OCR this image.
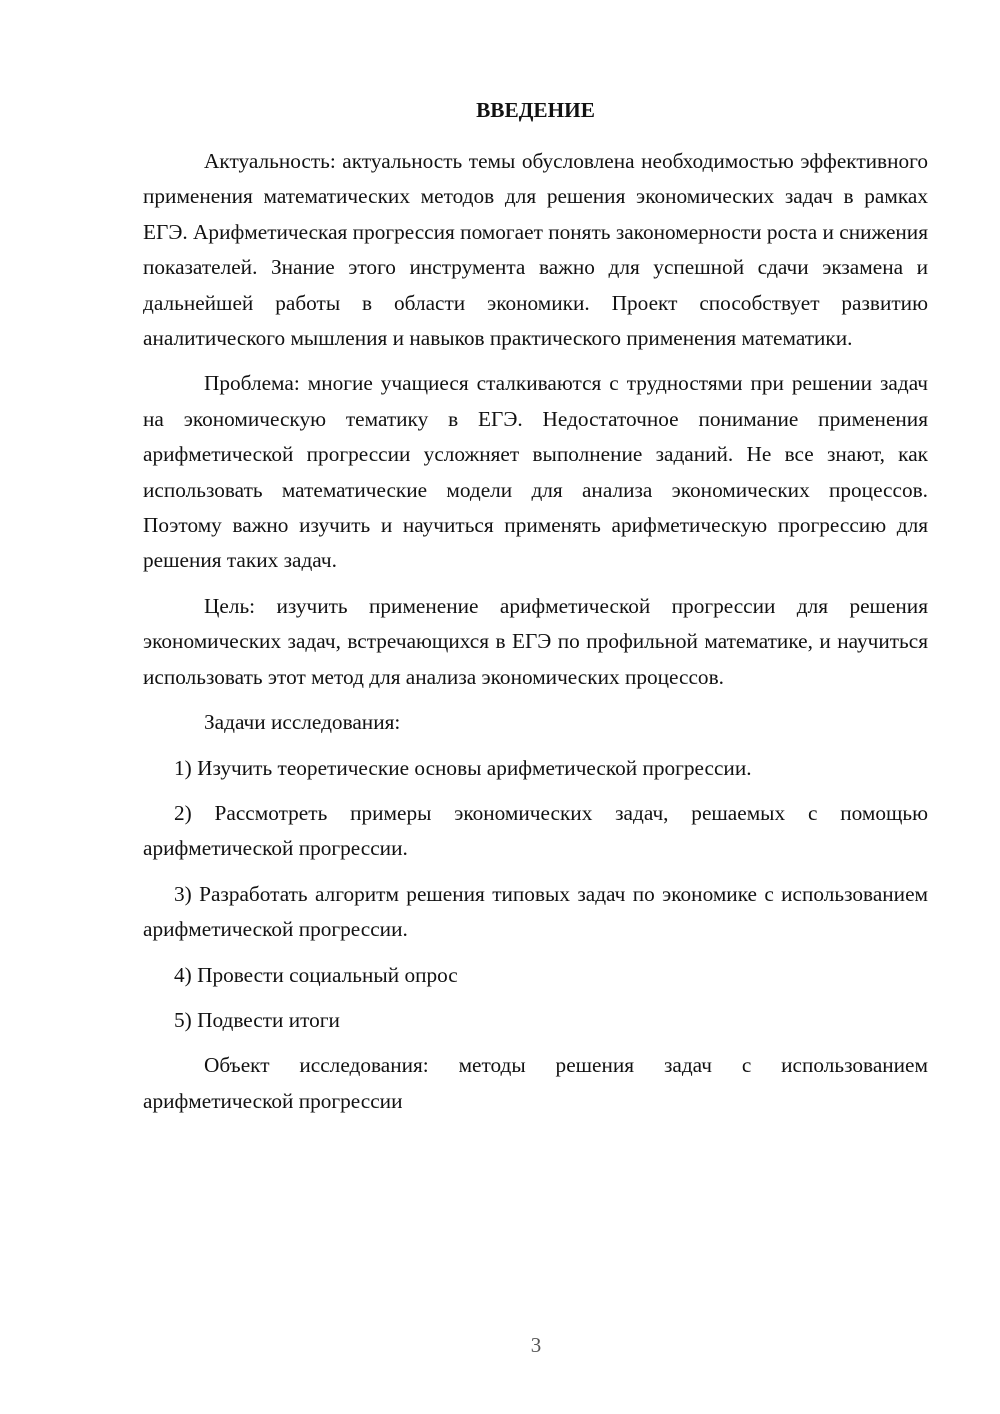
ВВЕДЕНИЕ

Актуальность: актуальность темы обусловлена необходимостью эффективного применения математических методов для решения экономических задач в рамках ЕГЭ. Арифметическая прогрессия помогает понять закономерности роста и снижения показателей. Знание этого инструмента важно для успешной сдачи экзамена и дальнейшей работы в области экономики. Проект способствует развитию аналитического мышления и навыков практического применения математики.

Проблема: многие учащиеся сталкиваются с трудностями при решении задач на экономическую тематику в ЕГЭ. Недостаточное понимание применения арифметической прогрессии усложняет выполнение заданий. Не все знают, как использовать математические модели для анализа экономических процессов. Поэтому важно изучить и научиться применять арифметическую прогрессию для решения таких задач.

Цель: изучить применение арифметической прогрессии для решения экономических задач, встречающихся в ЕГЭ по профильной математике, и научиться использовать этот метод для анализа экономических процессов.

Задачи исследования:

1) Изучить теоретические основы арифметической прогрессии.

2) Рассмотреть примеры экономических задач, решаемых с помощью арифметической прогрессии.

3) Разработать алгоритм решения типовых задач по экономике с использованием арифметической прогрессии.

4) Провести социальный опрос

5) Подвести итоги

Объект исследования: методы решения задач с использованием арифметической прогрессии

3
